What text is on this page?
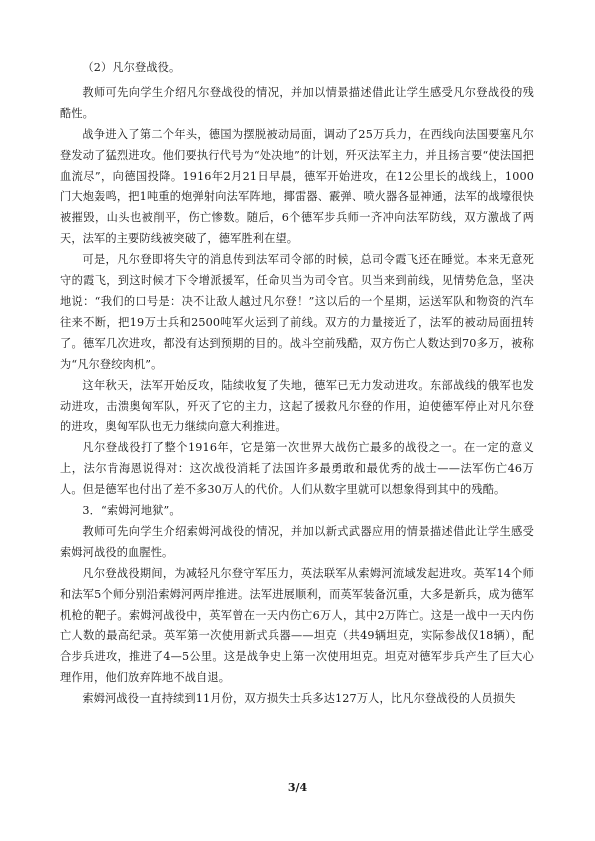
（2）凡尔登战役。

教师可先向学生介绍凡尔登战役的情况，并加以情景描述借此让学生感受凡尔登战役的残酷性。

战争进入了第二个年头，德国为摆脱被动局面，调动了25万兵力，在西线向法国要塞凡尔登发动了猛烈进攻。他们要执行代号为“处决地”的计划，歼灭法军主力，并且扬言要“使法国把血流尽”，向德国投降。1916年2月21日早晨，德军开始进攻，在12公里长的战线上，1000门大炮轰鸣，把1吨重的炮弹射向法军阵地，揶雷器、霰弹、喷火器各显神通，法军的战壕很快被摧毁，山头也被削平，伤亡惨数。随后，6个德军步兵师一齐冲向法军防线，双方激战了两天，法军的主要防线被突破了，德军胜利在望。

可是，凡尔登即将失守的消息传到法军司令部的时候，总司令霞飞还在睡觉。本来无意死守的霞飞，到这时候才下令增派援军，任命贝当为司令官。贝当来到前线，见情势危急，坚决地说：“我们的口号是：决不让敌人越过凡尔登！”这以后的一个星期，运送军队和物资的汽车往来不断，把19万士兵和2500吨军火运到了前线。双方的力量接近了，法军的被动局面扭转了。德军几次进攻，都没有达到预期的目的。战斗空前残酷，双方伤亡人数达到70多万，被称为“凡尔登绞肉机”。

这年秋天，法军开始反攻，陆续收复了失地，德军已无力发动进攻。东部战线的俄军也发动进攻，击溃奥匈军队，歼灭了它的主力，这起了援救凡尔登的作用，迫使德军停止对凡尔登的进攻，奥匈军队也无力继续向意大利推进。

凡尔登战役打了整个1916年，它是第一次世界大战伤亡最多的战役之一。在一定的意义上，法尔肯海恩说得对：这次战役消耗了法国许多最勇敢和最优秀的战士——法军伤亡46万人。但是德军也付出了差不多30万人的代价。人们从数字里就可以想象得到其中的残酷。

3．“索姆河地狱”。

教师可先向学生介绍索姆河战役的情况，并加以新式武器应用的情景描述借此让学生感受索姆河战役的血腥性。

凡尔登战役期间，为减轻凡尔登守军压力，英法联军从索姆河流域发起进攻。英军14个师和法军5个师分别沿索姆河两岸推进。法军进展顺利，而英军装备沉重，大多是新兵，成为德军机枪的靶子。索姆河战役中，英军曾在一天内伤亡6万人，其中2万阵亡。这是一战中一天内伤亡人数的最高纪录。英军第一次使用新式兵器——坦克（共49辆坦克，实际参战仅18辆），配合步兵进攻，推进了4—5公里。这是战争史上第一次使用坦克。坦克对德军步兵产生了巨大心理作用，他们放弃阵地不战自退。

索姆河战役一直持续到11月份，双方损失士兵多达127万人，比凡尔登战役的人员损失

3/4
